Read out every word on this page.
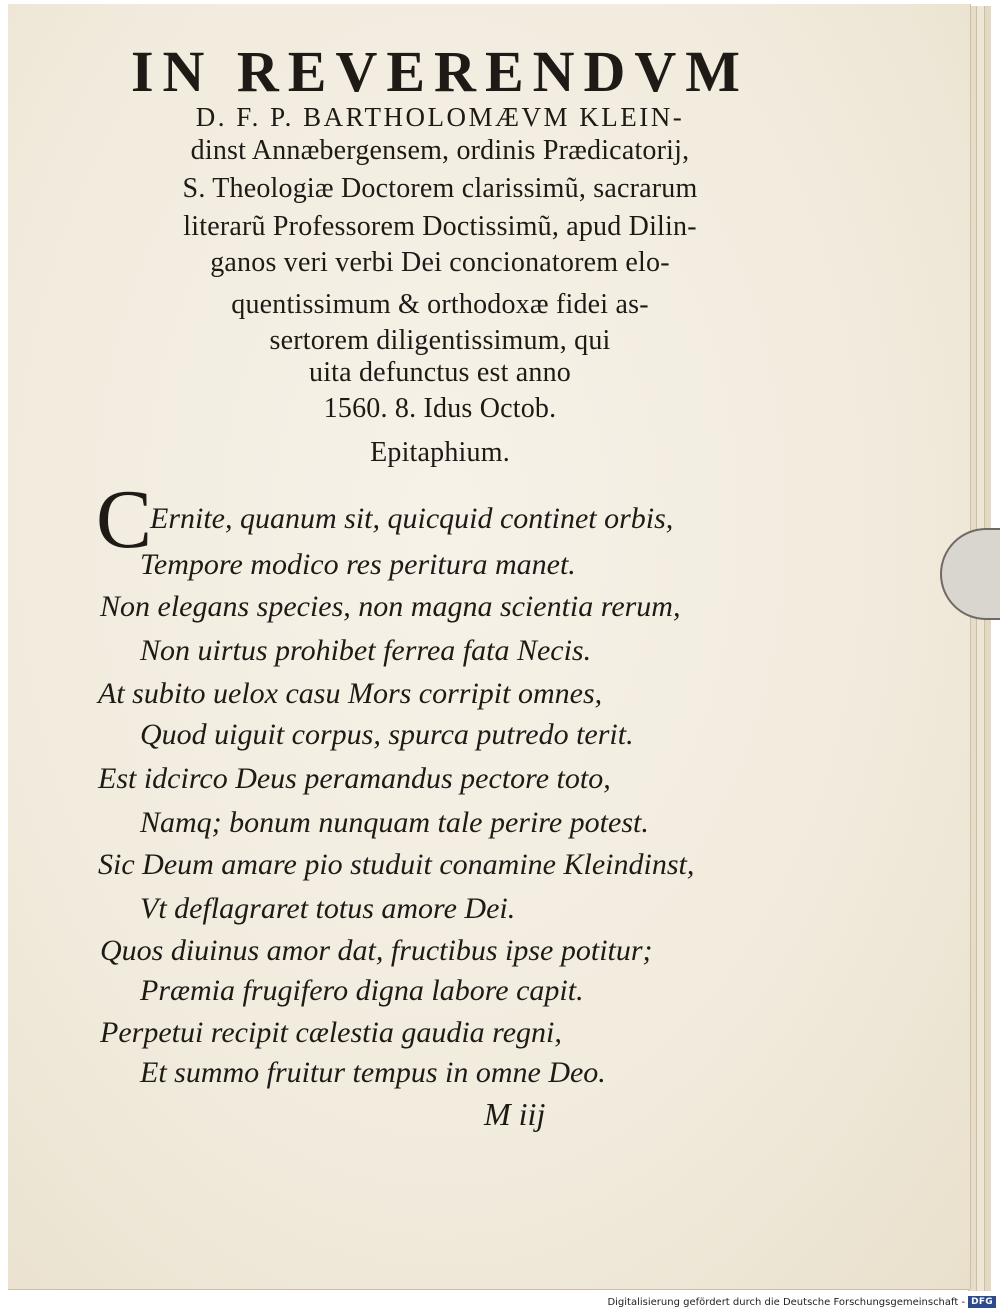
IN REVERENDVM

D. F. P. BARTHOLOMÆVM KLEIN-

dinst Annæbergensem, ordinis Prædicatorij,

S. Theologiæ Doctorem clarissimũ, sacrarum

literarũ Professorem Doctissimũ, apud Dilin-

ganos veri verbi Dei concionatorem elo-

quentissimum & orthodoxæ fidei as-

sertorem diligentissimum, qui

uita defunctus est anno

1560. 8. Idus Octob.

Epitaphium.

C

Ernite, quanum sit, quicquid continet orbis,

Tempore modico res peritura manet.

Non elegans species, non magna scientia rerum,

Non uirtus prohibet ferrea fata Necis.

At subito uelox casu Mors corripit omnes,

Quod uiguit corpus, spurca putredo terit.

Est idcirco Deus peramandus pectore toto,

Namq; bonum nunquam tale perire potest.

Sic Deum amare pio studuit conamine Kleindinst,

Vt deflagraret totus amore Dei.

Quos diuinus amor dat, fructibus ipse potitur;

Præmia frugifero digna labore capit.

Perpetui recipit cælestia gaudia regni,

Et summo fruitur tempus in omne Deo.

M iij
Digitalisierung gefördert durch die Deutsche Forschungsgemeinschaft - DFG
